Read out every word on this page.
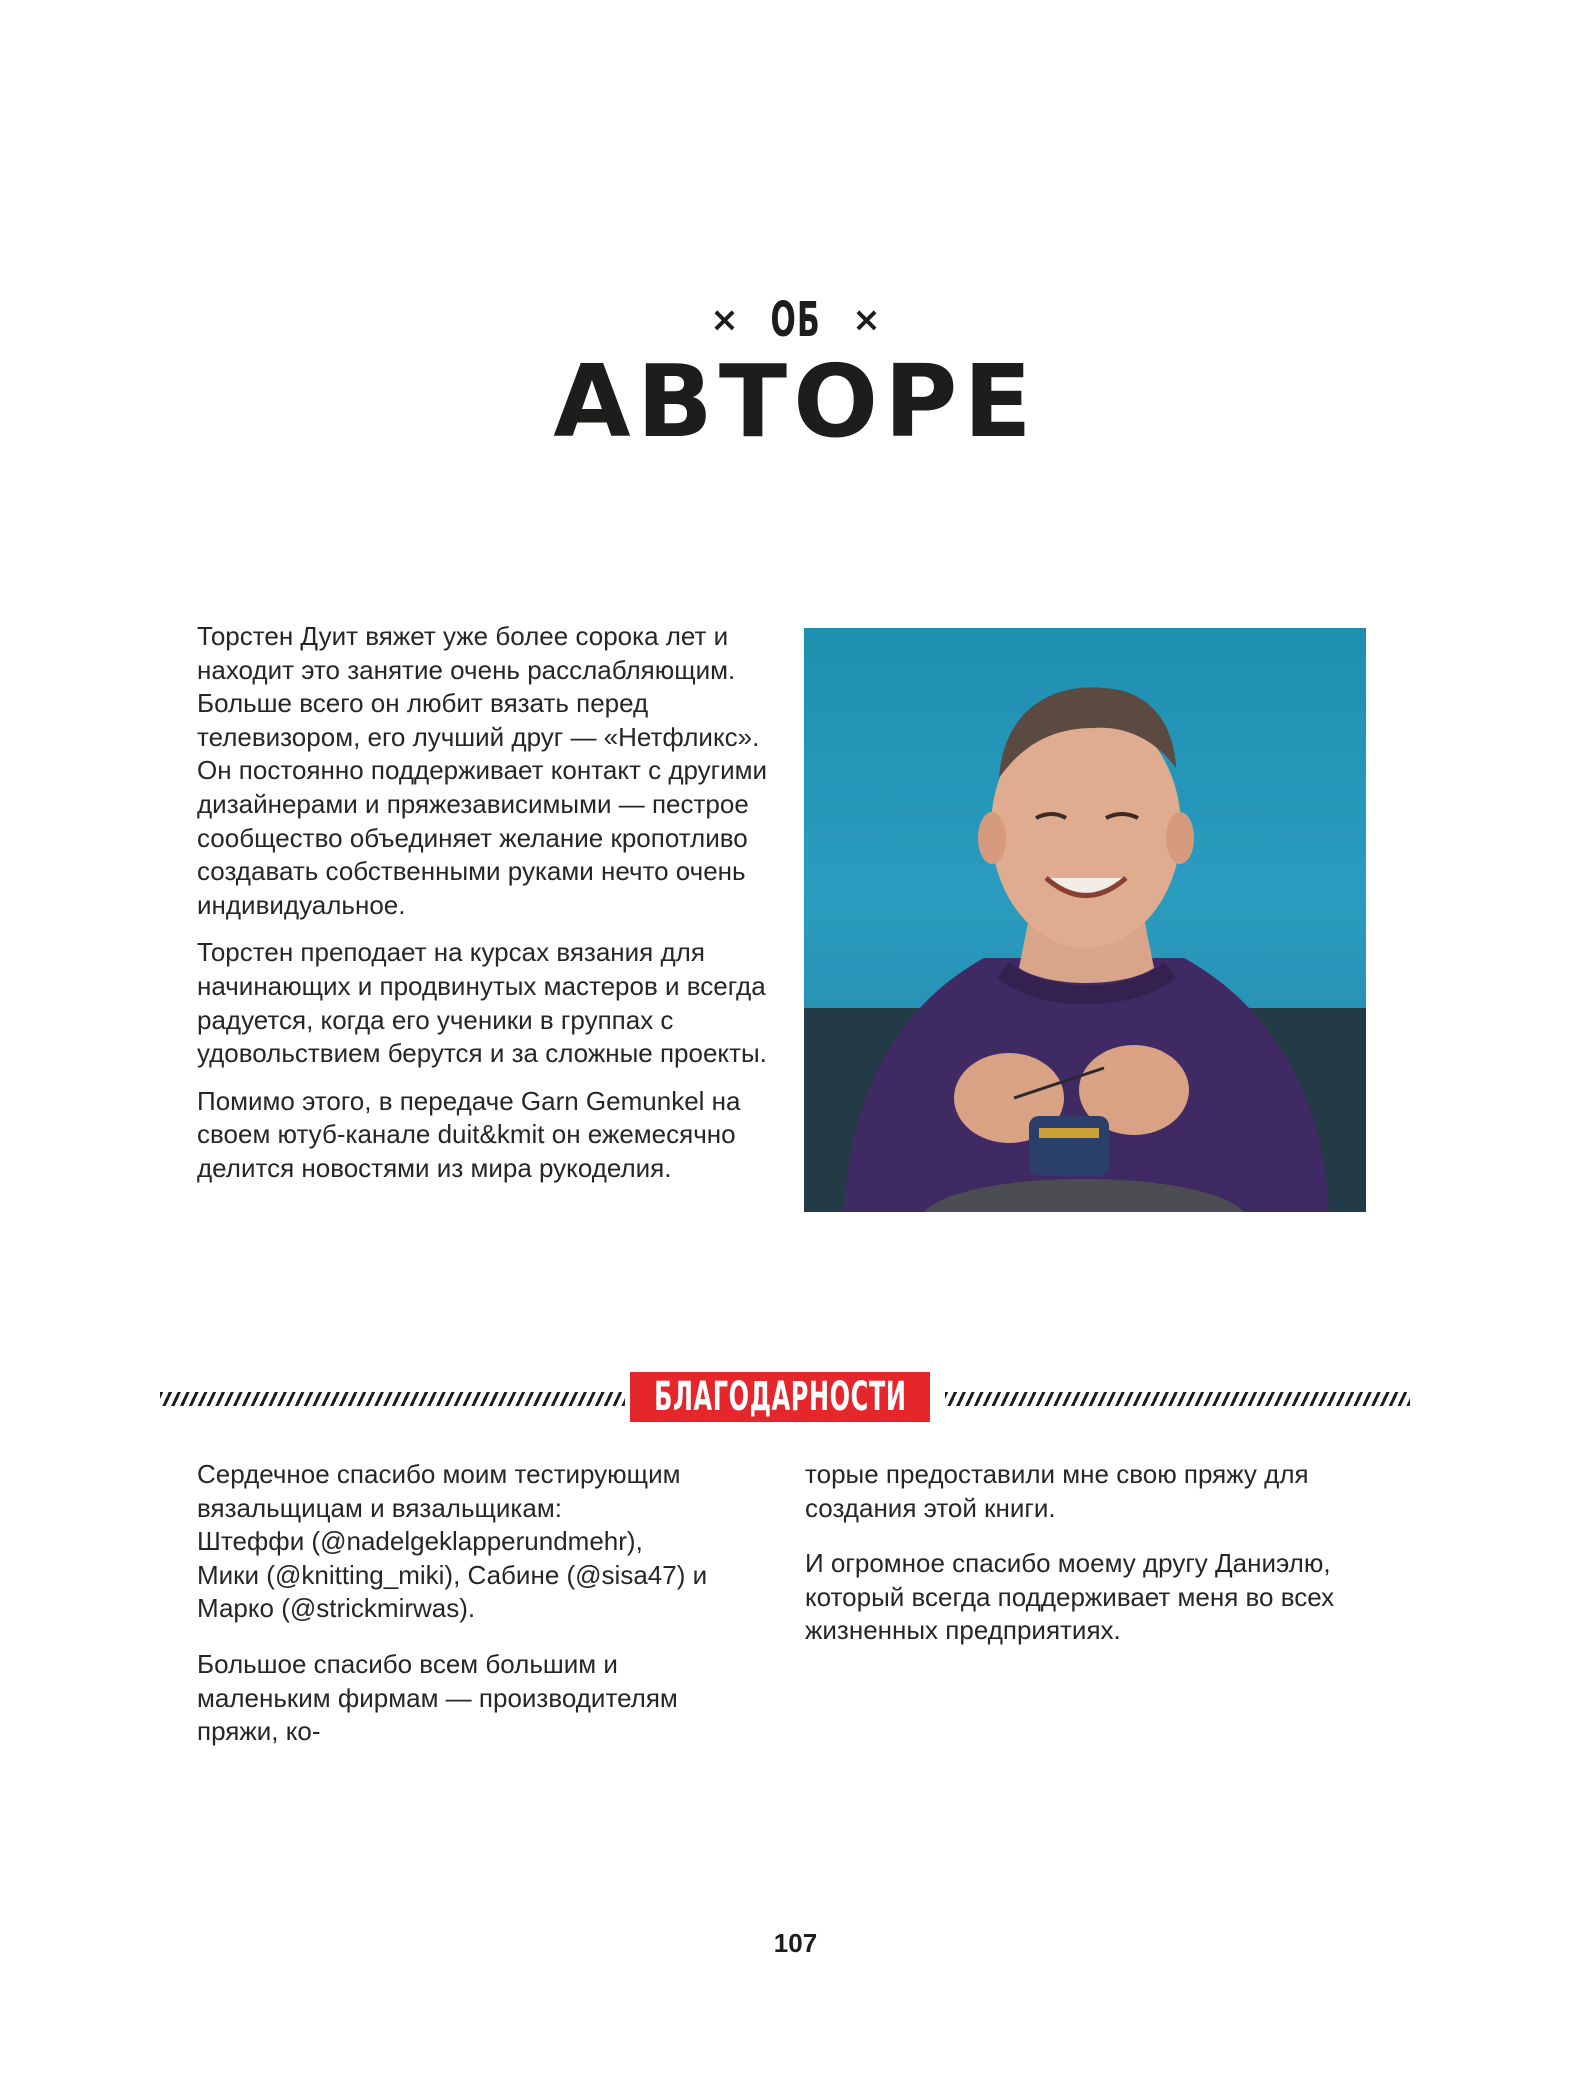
× ОБ ×
АВТОРЕ

Торстен Дуит вяжет уже более сорока лет и находит это занятие очень расслабляющим. Больше всего он любит вязать перед телевизором, его лучший друг — «Нетфликс». Он постоянно поддерживает контакт с другими дизайнерами и пряжезависимыми — пестрое сообщество объединяет желание кропотливо создавать собственными руками нечто очень индивидуальное.

Торстен преподает на курсах вязания для начинающих и продвинутых мастеров и всегда радуется, когда его ученики в группах с удовольствием берутся и за сложные проекты.

Помимо этого, в передаче Garn Gemunkel на своем ютуб-канале duit&kmit он ежемесячно делится новостями из мира рукоделия.

БЛАГОДАРНОСТИ

Сердечное спасибо моим тестирующим вязальщицам и вязальщикам:
Штеффи (@nadelgeklapperundmehr),
Мики (@knitting_miki), Сабине (@sisa47) и
Марко (@strickmirwas).

Большое спасибо всем большим и маленьким фирмам — производителям пряжи, ко-

торые предоставили мне свою пряжу для создания этой книги.

И огромное спасибо моему другу Даниэлю, который всегда поддерживает меня во всех жизненных предприятиях.

107
